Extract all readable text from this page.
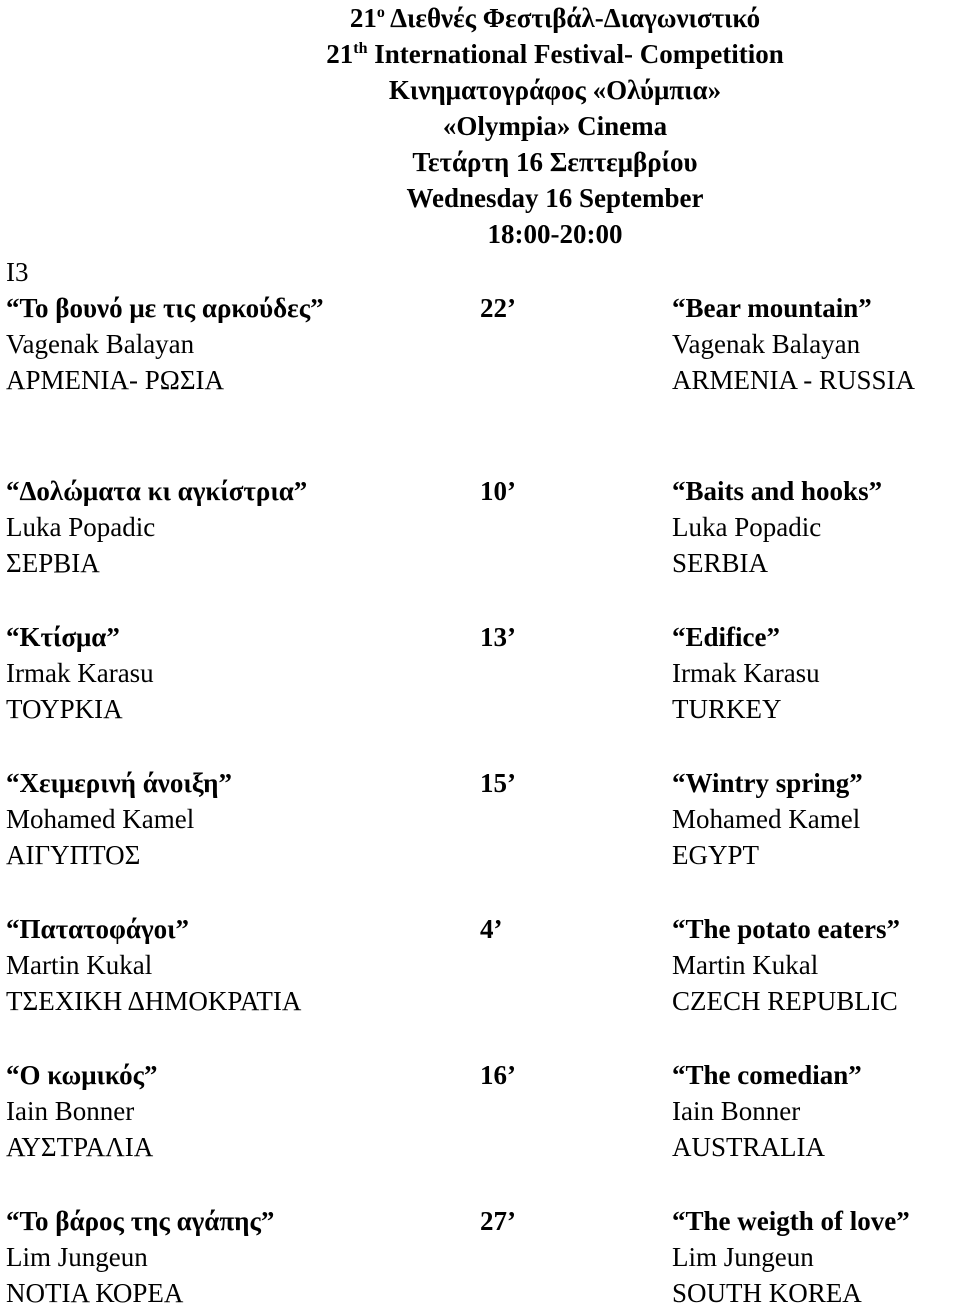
$21^o$ Διεθνές Φεστιβάλ-Διαγωνιστικό
21th International Festival- Competition
Κινηματογράφος «Ολύμπια»
«Olympia» Cinema
Τετάρτη 16 Σεπτεμβρίου
Wednesday 16 September
18:00-20:00
Ι3
“Το βουνό με τις αρκούδες”	22’	“Bear mountain”
Vagenak Balayan	Vagenak Balayan
ΑΡΜΕΝΙΑ- ΡΩΣΙΑ	ARMENIA - RUSSIA
“Δολώματα κι αγκίστρια”	10’	“Baits and hooks”
Luka Popadic	Luka Popadic
ΣΕΡΒΙΑ	SERBIA
“Κτίσμα”	13’	“Edifice”
Irmak Karasu	Irmak Karasu
ΤΟΥΡΚΙΑ	TURKEY
“Χειμερινή άνοιξη”	15’	“Wintry spring”
Mohamed Kamel	Mohamed Kamel
ΑΙΓΥΠΤΟΣ	EGYPT
“Πατατοφάγοι”	4’	“The potato eaters”
Martin Kukal	Martin Kukal
ΤΣΕΧΙΚΗ ΔΗΜΟΚΡΑΤΙΑ	CZECH REPUBLIC
“Ο κωμικός”	16’	“The comedian”
Iain Bonner	Iain Bonner
ΑΥΣΤΡΑΛΙΑ	AUSTRALIA
“Το βάρος της αγάπης”	27’	“The weigth of love”
Lim Jungeun	Lim Jungeun
ΝΟΤΙΑ ΚΟΡΕΑ	SOUTH KOREA
